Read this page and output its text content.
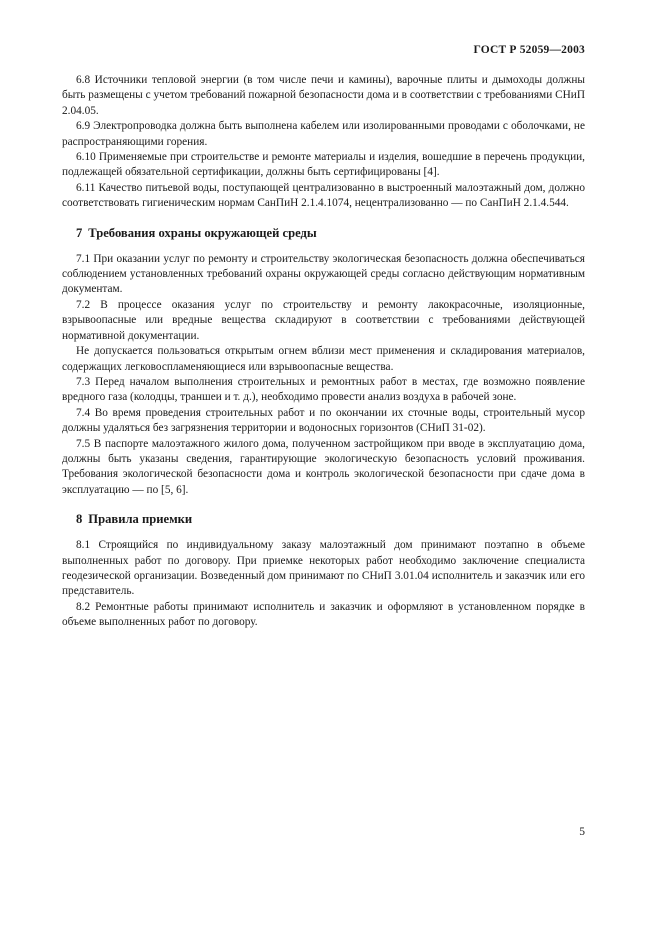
ГОСТ Р 52059—2003

6.8 Источники тепловой энергии (в том числе печи и камины), варочные плиты и дымоходы должны быть размещены с учетом требований пожарной безопасности дома и в соответствии с требованиями СНиП 2.04.05.

6.9 Электропроводка должна быть выполнена кабелем или изолированными проводами с оболочками, не распространяющими горения.

6.10 Применяемые при строительстве и ремонте материалы и изделия, вошедшие в перечень продукции, подлежащей обязательной сертификации, должны быть сертифицированы [4].

6.11 Качество питьевой воды, поступающей централизованно в выстроенный малоэтажный дом, должно соответствовать гигиеническим нормам СанПиН 2.1.4.1074, нецентрализованно — по СанПиН 2.1.4.544.

7 Требования охраны окружающей среды

7.1 При оказании услуг по ремонту и строительству экологическая безопасность должна обеспечиваться соблюдением установленных требований охраны окружающей среды согласно действующим нормативным документам.

7.2 В процессе оказания услуг по строительству и ремонту лакокрасочные, изоляционные, взрывоопасные или вредные вещества складируют в соответствии с требованиями действующей нормативной документации.

Не допускается пользоваться открытым огнем вблизи мест применения и складирования материалов, содержащих легковоспламеняющиеся или взрывоопасные вещества.

7.3 Перед началом выполнения строительных и ремонтных работ в местах, где возможно появление вредного газа (колодцы, траншеи и т. д.), необходимо провести анализ воздуха в рабочей зоне.

7.4 Во время проведения строительных работ и по окончании их сточные воды, строительный мусор должны удаляться без загрязнения территории и водоносных горизонтов (СНиП 31-02).

7.5 В паспорте малоэтажного жилого дома, полученном застройщиком при вводе в эксплуатацию дома, должны быть указаны сведения, гарантирующие экологическую безопасность условий проживания. Требования экологической безопасности дома и контроль экологической безопасности при сдаче дома в эксплуатацию — по [5, 6].

8 Правила приемки

8.1 Строящийся по индивидуальному заказу малоэтажный дом принимают поэтапно в объеме выполненных работ по договору. При приемке некоторых работ необходимо заключение специалиста геодезической организации. Возведенный дом принимают по СНиП 3.01.04 исполнитель и заказчик или его представитель.

8.2 Ремонтные работы принимают исполнитель и заказчик и оформляют в установленном порядке в объеме выполненных работ по договору.

5
